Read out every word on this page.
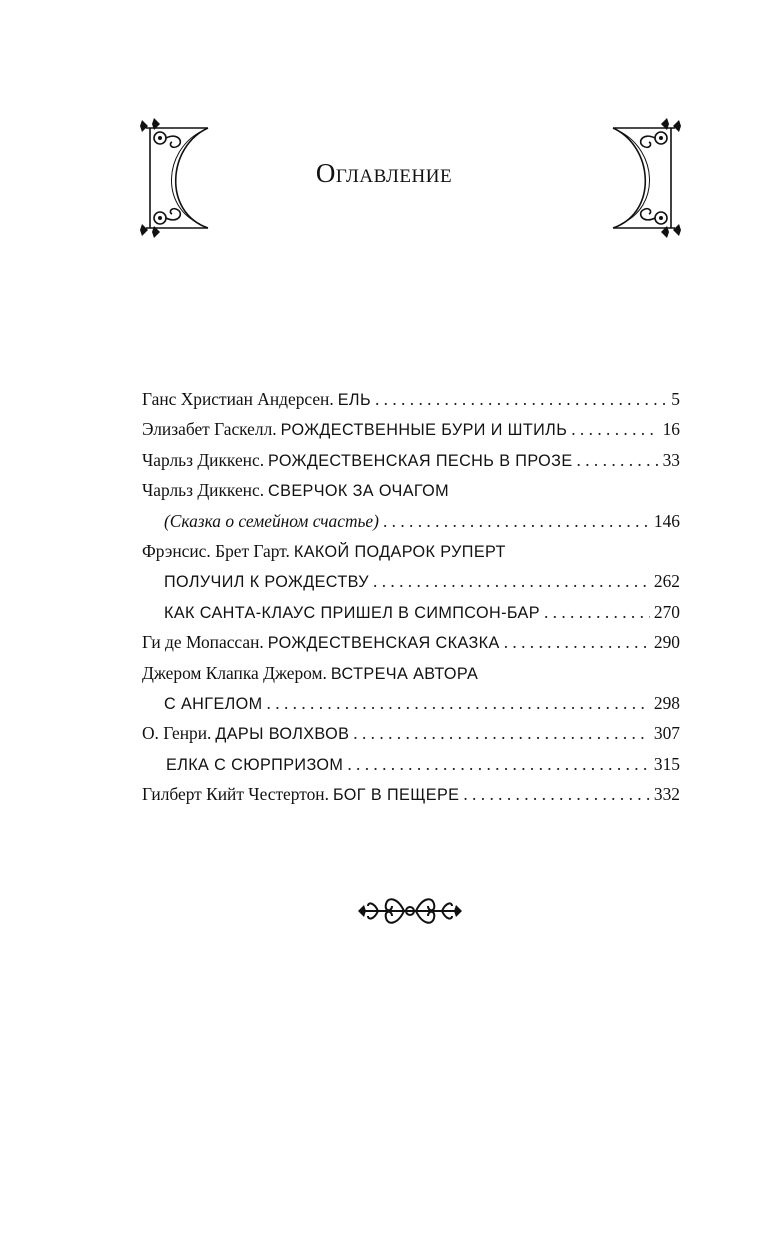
Оглавление
Ганс Христиан Андерсен. ЕЛЬ . . .	5
Элизабет Гаскелл. РОЖДЕСТВЕННЫЕ БУРИ И ШТИЛЬ . . .	16
Чарльз Диккенс. РОЖДЕСТВЕНСКАЯ ПЕСНЬ В ПРОЗЕ . . .	33
Чарльз Диккенс. СВЕРЧОК ЗА ОЧАГОМ
(Сказка о семейном счастье) . . .	146
Фрэнсис. Брет Гарт. КАКОЙ ПОДАРОК РУПЕРТ
ПОЛУЧИЛ К РОЖДЕСТВУ . . .	262
КАК САНТА-КЛАУС ПРИШЕЛ В СИМПСОН-БАР . . .	270
Ги де Мопассан. РОЖДЕСТВЕНСКАЯ СКАЗКА . . .	290
Джером Клапка Джером. ВСТРЕЧА АВТОРА
С АНГЕЛОМ . . .	298
О. Генри. ДАРЫ ВОЛХВОВ . . .	307
ЕЛКА С СЮРПРИЗОМ . . .	315
Гилберт Кийт Честертон. БОГ В ПЕЩЕРЕ . . .	332
